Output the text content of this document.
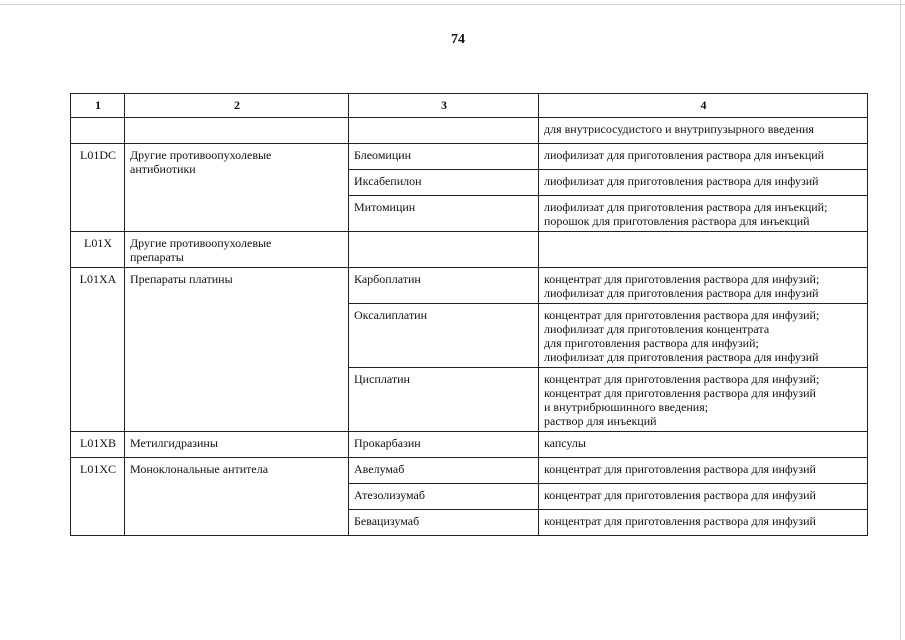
74
1	2	3	4

			для внутрисосудистого и внутрипузырного введения

L01DC	Другие противоопухолевые
антибиотики	Блеомицин	лиофилизат для приготовления раствора для инъекций

		Иксабепилон	лиофилизат для приготовления раствора для инфузий

		Митомицин	лиофилизат для приготовления раствора для инъекций;
порошок для приготовления раствора для инъекций

L01X	Другие противоопухолевые
препараты		

L01XA	Препараты платины	Карбоплатин	концентрат для приготовления раствора для инфузий;
лиофилизат для приготовления раствора для инфузий

		Оксалиплатин	концентрат для приготовления раствора для инфузий;
лиофилизат для приготовления концентрата
для приготовления раствора для инфузий;
лиофилизат для приготовления раствора для инфузий

		Цисплатин	концентрат для приготовления раствора для инфузий;
концентрат для приготовления раствора для инфузий
и внутрибрюшинного введения;
раствор для инъекций

L01XB	Метилгидразины	Прокарбазин	капсулы

L01XC	Моноклональные антитела	Авелумаб	концентрат для приготовления раствора для инфузий

		Атезолизумаб	концентрат для приготовления раствора для инфузий

		Бевацизумаб	концентрат для приготовления раствора для инфузий
